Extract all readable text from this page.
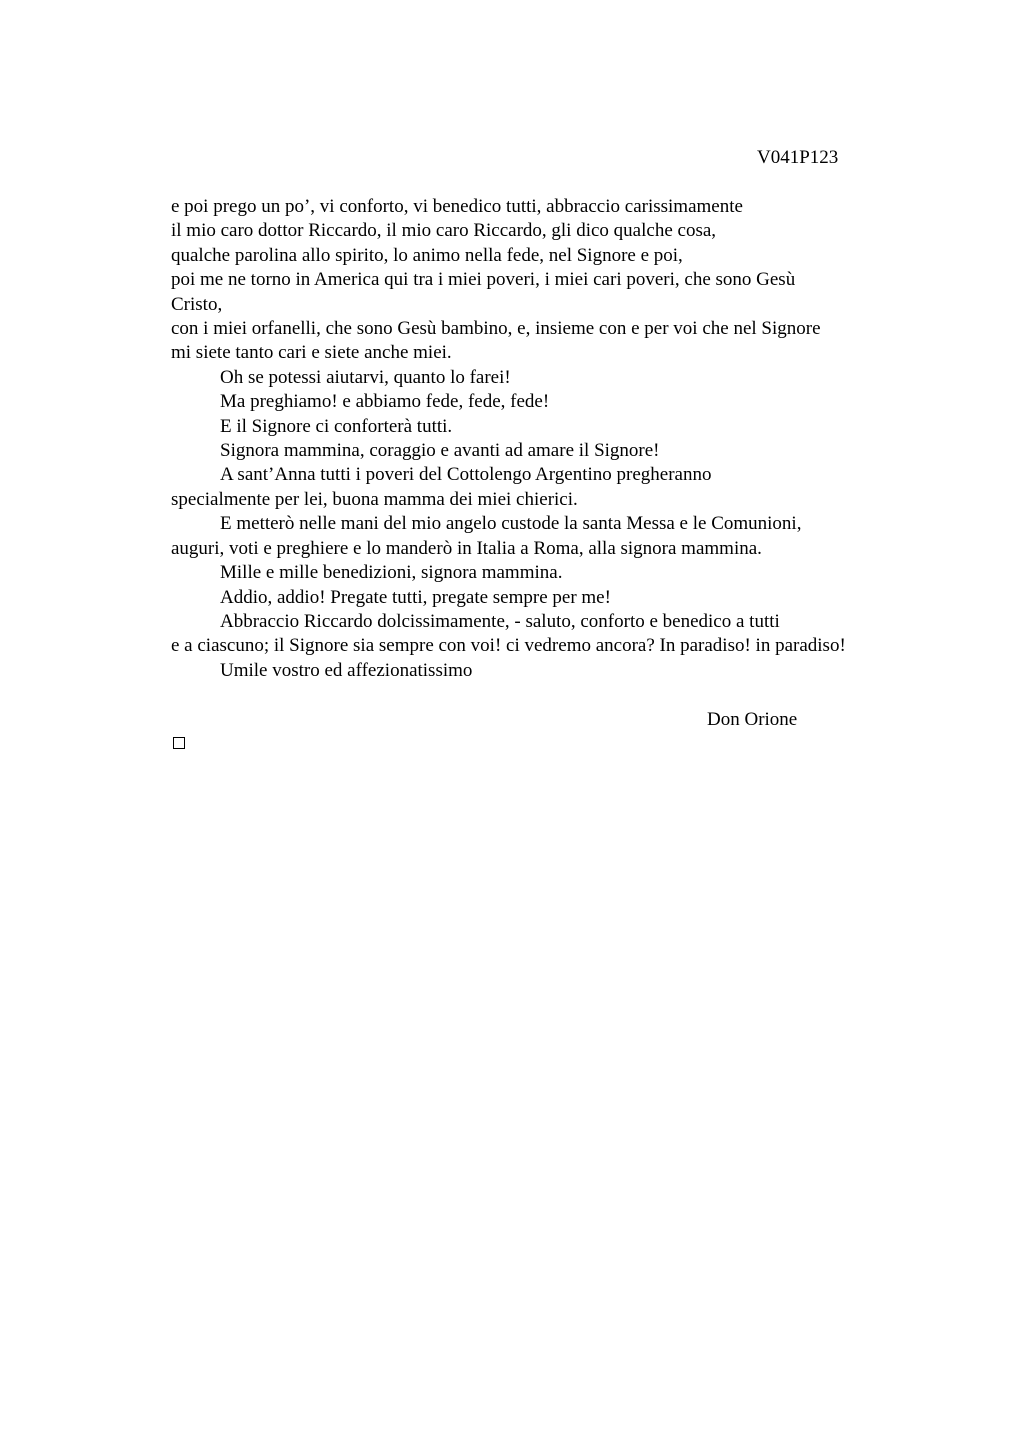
V041P123
e poi prego un po’, vi conforto, vi benedico tutti, abbraccio carissimamente
il mio caro dottor Riccardo, il mio caro Riccardo, gli dico qualche cosa,
qualche parolina allo spirito, lo animo nella fede, nel Signore e poi,
poi me ne torno in America qui tra i miei poveri, i miei cari poveri, che sono Gesù
Cristo,
con i miei orfanelli, che sono Gesù bambino, e, insieme con e per voi che nel Signore
mi siete tanto cari e siete anche miei.
Oh se potessi aiutarvi, quanto lo farei!
Ma preghiamo! e abbiamo fede, fede, fede!
E il Signore ci conforterà tutti.
Signora mammina, coraggio e avanti ad amare il Signore!
A sant’Anna tutti i poveri del Cottolengo Argentino pregheranno
specialmente per lei, buona mamma dei miei chierici.
E metterò nelle mani del mio angelo custode la santa Messa e le Comunioni,
auguri, voti e preghiere e lo manderò in Italia a Roma, alla signora mammina.
Mille e mille benedizioni, signora mammina.
Addio, addio! Pregate tutti, pregate sempre per me!
Abbraccio Riccardo dolcissimamente, - saluto, conforto e benedico a tutti
e a ciascuno; il Signore sia sempre con voi! ci vedremo ancora? In paradiso! in paradiso!
Umile vostro ed affezionatissimo
Don Orione
